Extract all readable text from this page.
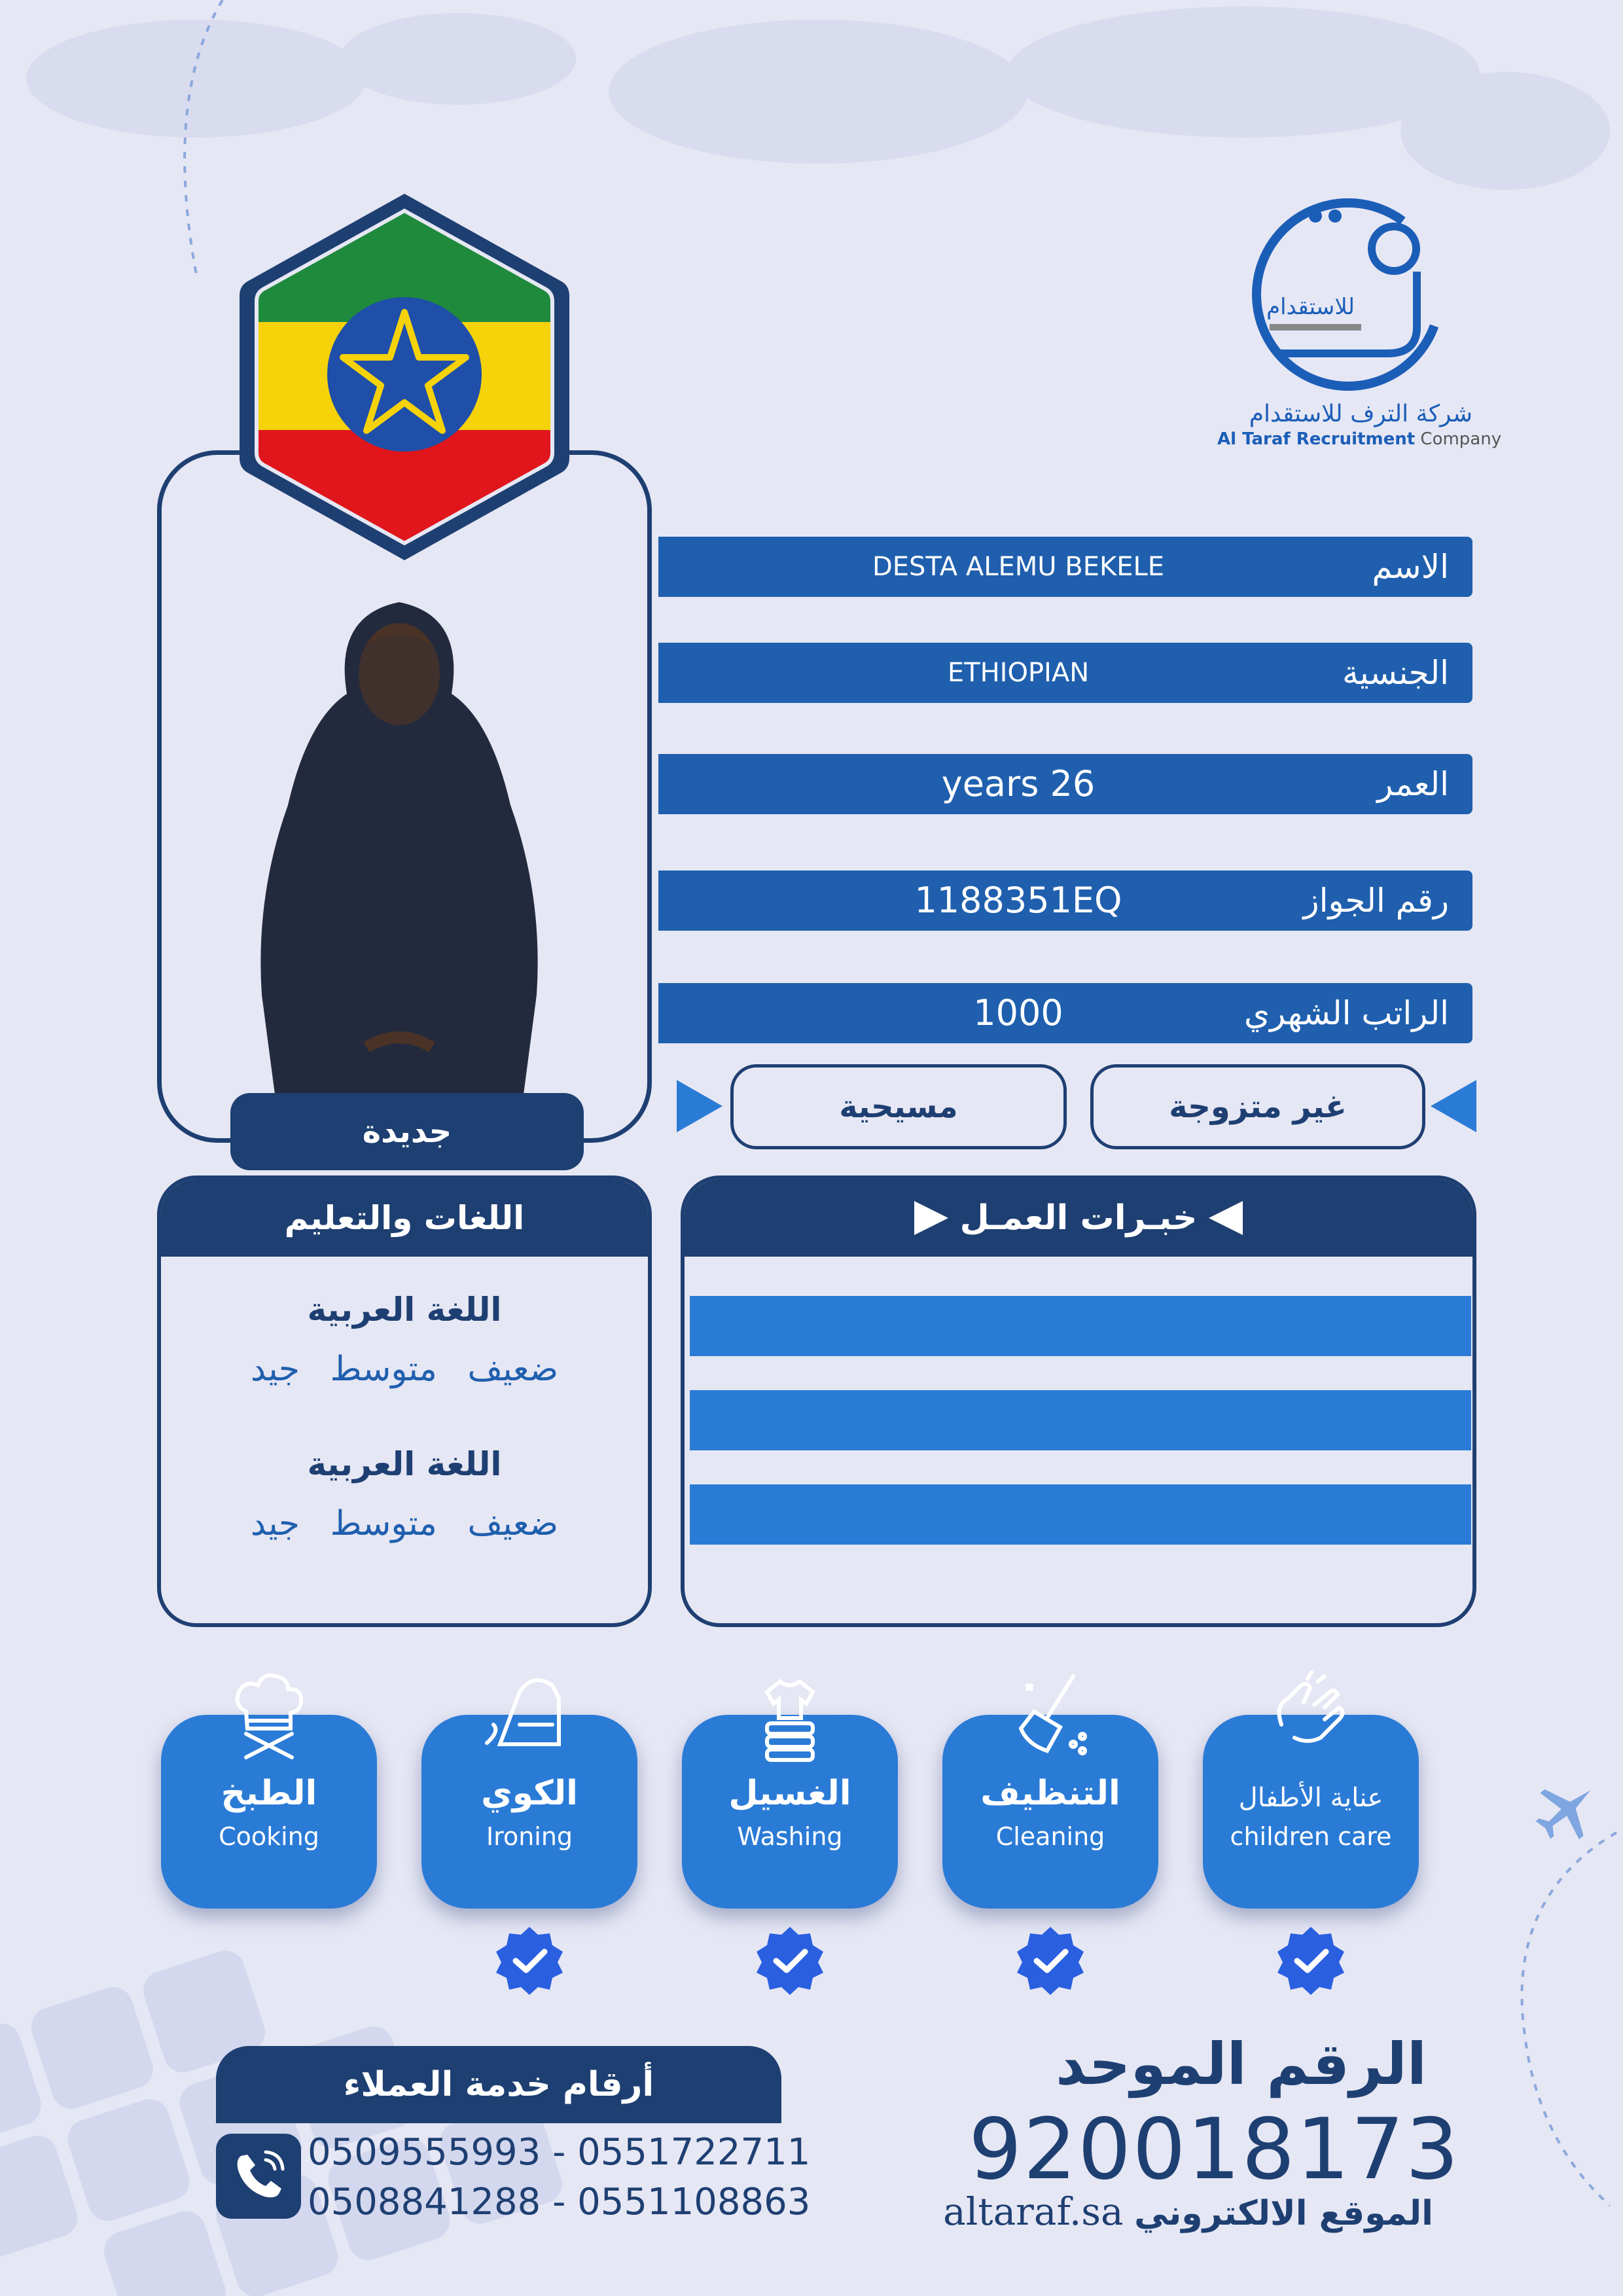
للاستقدام
شركة الترف للاستقدام
Al Taraf Recruitment Company
جديدة
DESTA ALEMU BEKELE	الاسم
ETHIOPIAN	الجنسية
years 26	العمر
1188351EQ	رقم الجواز
1000	الراتب الشهري
مسيحية	غير متزوجة
اللغات والتعليم
اللغة العربية
ضعيف متوسط جيد
اللغة العربية
ضعيف متوسط جيد
خبـرات العمـل
الطبخ
Cooking
الكوي
Ironing
الغسيل
Washing
التنظيف
Cleaning
عناية الأطفال
children care
أرقام خدمة العملاء
0509555993 - 0551722711
0508841288 - 0551108863
الرقم الموحد
920018173
altaraf.sa الموقع الالكتروني
